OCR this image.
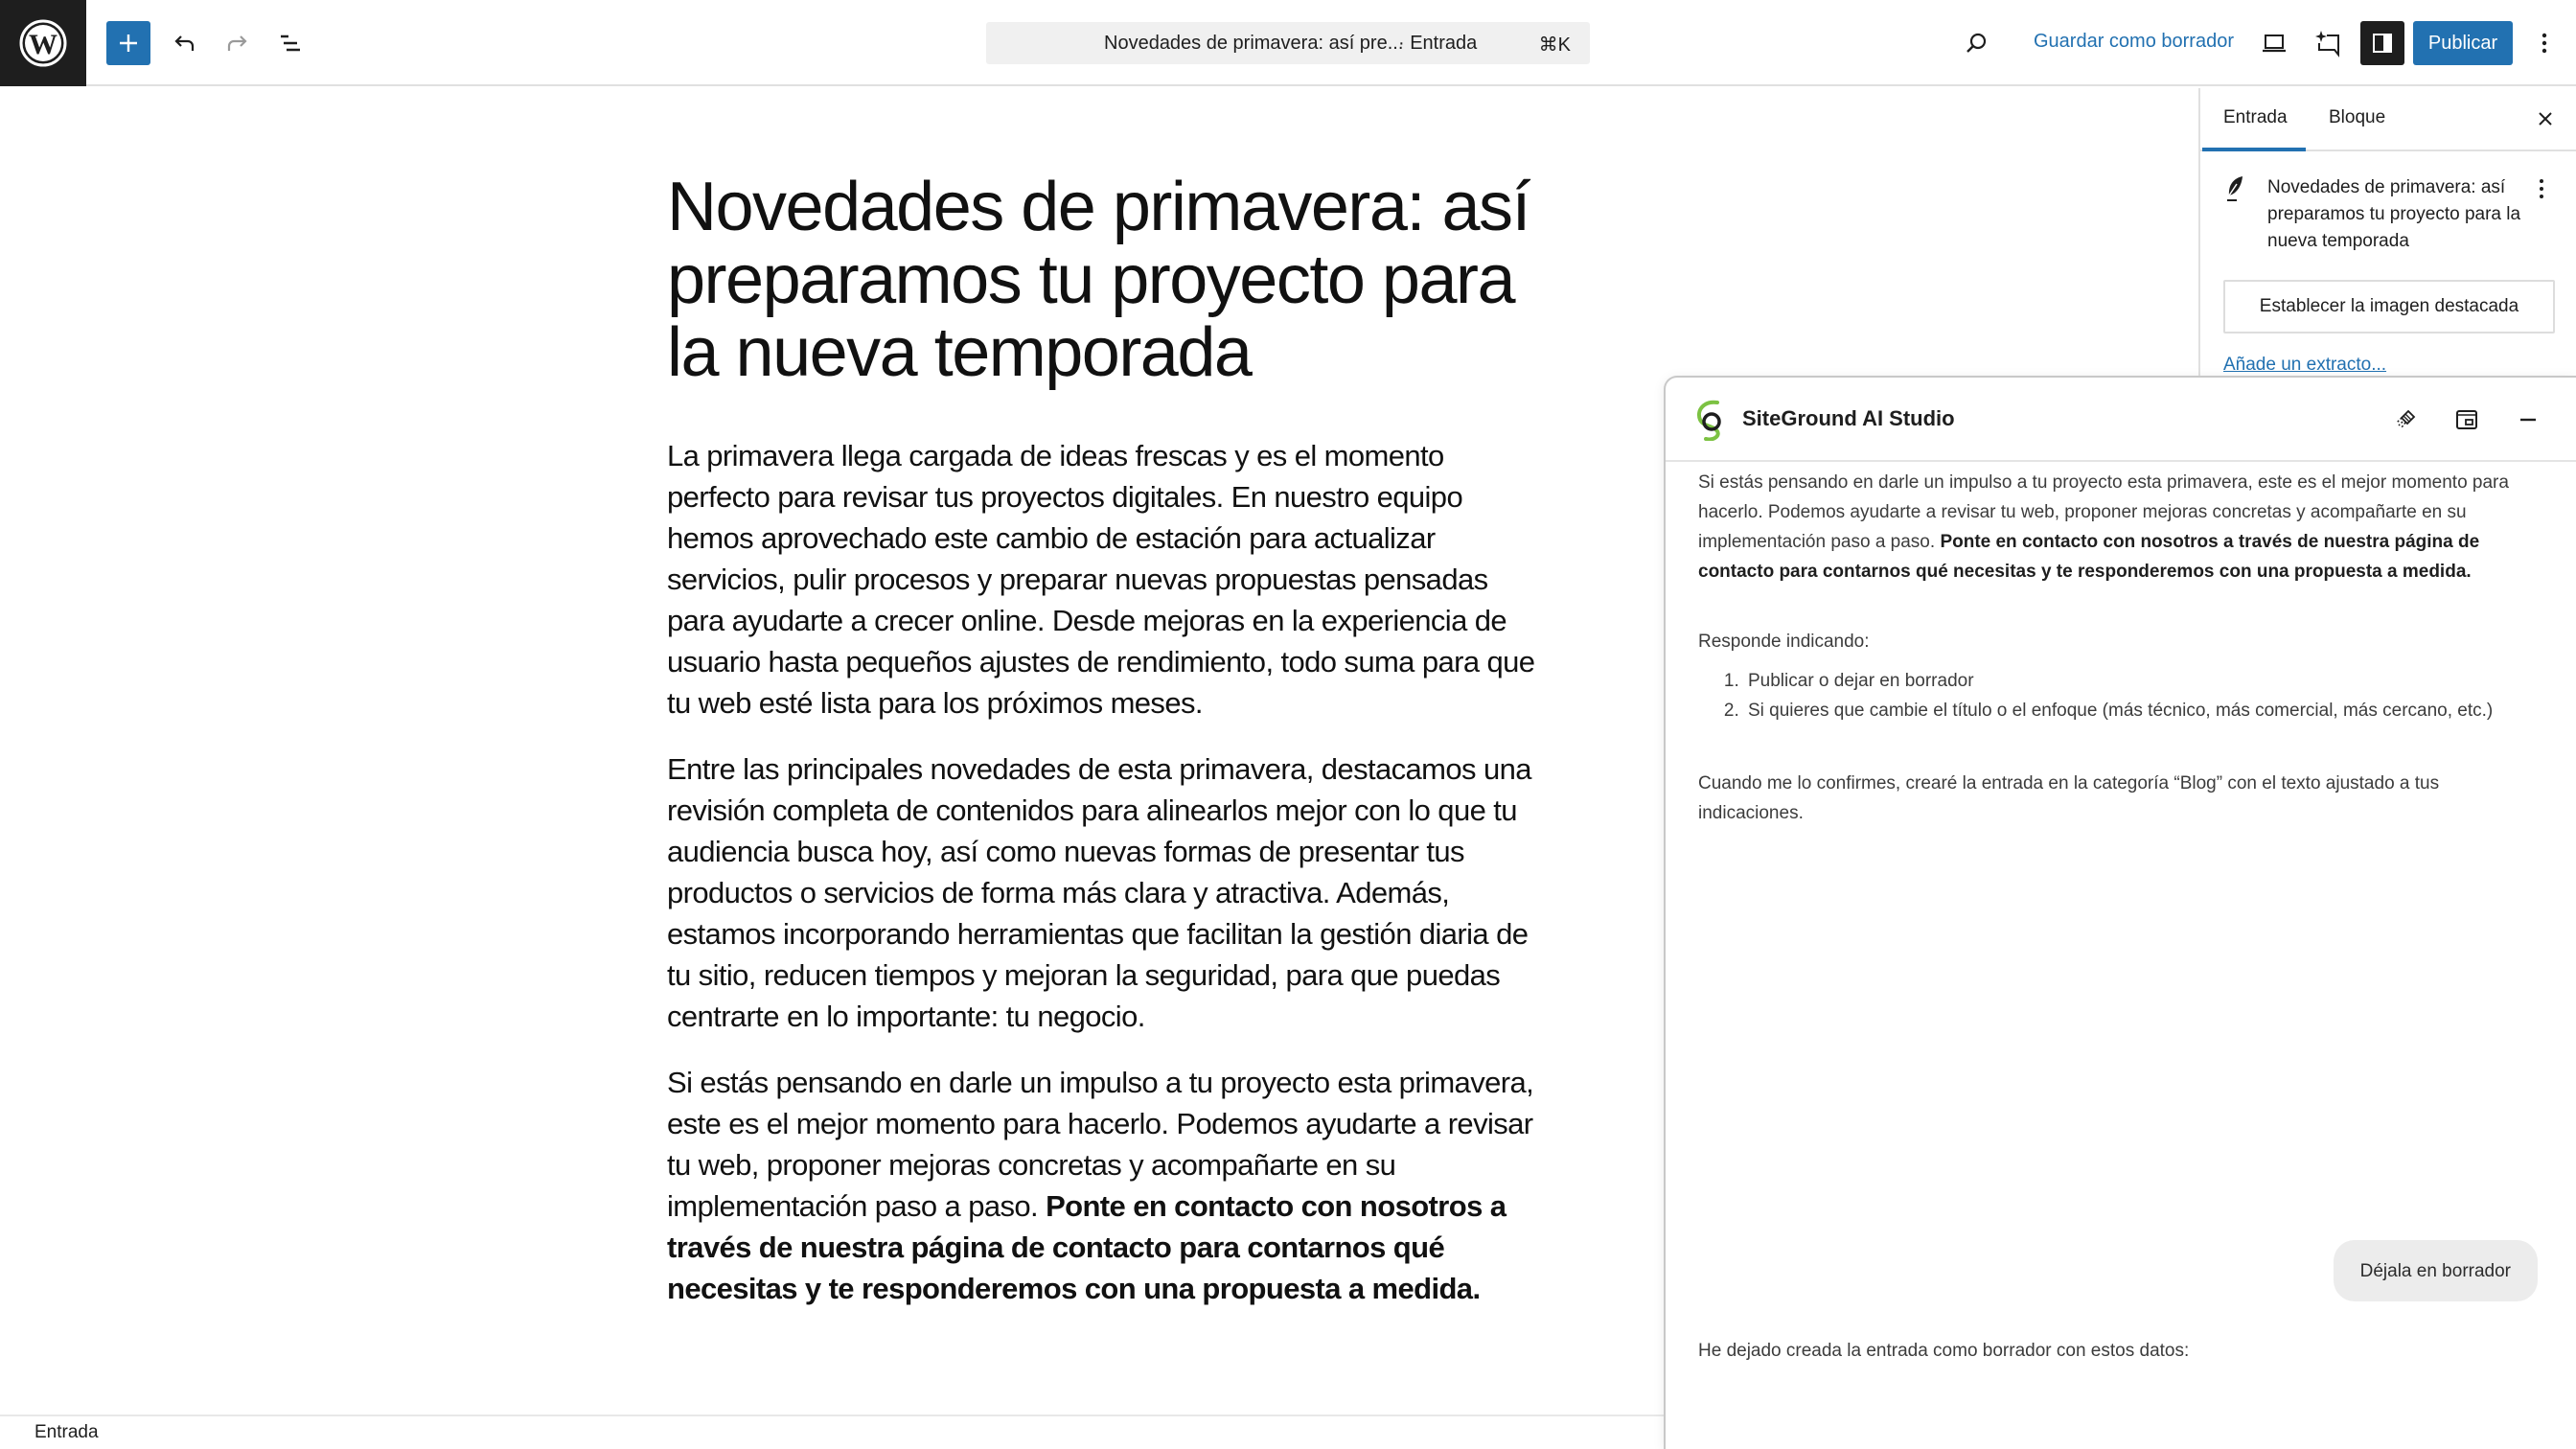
W	Novedades de primavera: así pre...
· Entrada	⌘K	Guardar como borrador	Publicar
Novedades de primavera: así preparamos tu proyecto para la nueva temporada

La primavera llega cargada de ideas frescas y es el momento perfecto para revisar tus proyectos digitales. En nuestro equipo hemos aprovechado este cambio de estación para actualizar servicios, pulir procesos y preparar nuevas propuestas pensadas para ayudarte a crecer online. Desde mejoras en la experiencia de usuario hasta pequeños ajustes de rendimiento, todo suma para que tu web esté lista para los próximos meses.

Entre las principales novedades de esta primavera, destacamos una revisión completa de contenidos para alinearlos mejor con lo que tu audiencia busca hoy, así como nuevas formas de presentar tus productos o servicios de forma más clara y atractiva. Además, estamos incorporando herramientas que facilitan la gestión diaria de tu sitio, reducen tiempos y mejoran la seguridad, para que puedas centrarte en lo importante: tu negocio.

Si estás pensando en darle un impulso a tu proyecto esta primavera, este es el mejor momento para hacerlo. Podemos ayudarte a revisar tu web, proponer mejoras concretas y acompañarte en su implementación paso a paso. Ponte en contacto con nosotros a través de nuestra página de contacto para contarnos qué necesitas y te responderemos con una propuesta a medida.

Entrada
Entrada Bloque
Novedades de primavera: así preparamos tu proyecto para la nueva temporada
Establecer la imagen destacada
Añade un extracto...
SiteGround AI Studio
Si estás pensando en darle un impulso a tu proyecto esta primavera, este es el mejor momento para hacerlo. Podemos ayudarte a revisar tu web, proponer mejoras concretas y acompañarte en su implementación paso a paso. Ponte en contacto con nosotros a través de nuestra página de contacto para contarnos qué necesitas y te responderemos con una propuesta a medida.
Responde indicando:
1. Publicar o dejar en borrador
2. Si quieres que cambie el título o el enfoque (más técnico, más comercial, más cercano, etc.)
Cuando me lo confirmes, crearé la entrada en la categoría “Blog” con el texto ajustado a tus indicaciones.
Déjala en borrador
He dejado creada la entrada como borrador con estos datos:
